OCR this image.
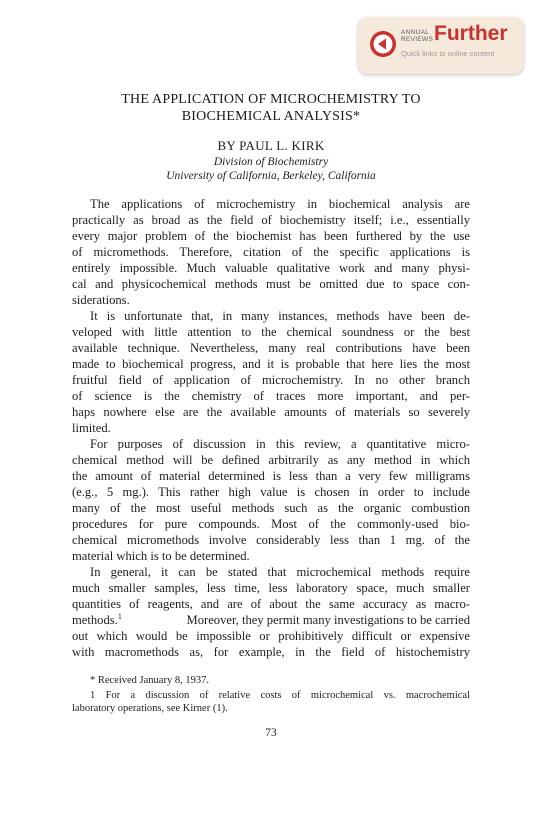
ANNUAL
REVIEWS Further
Quick links to online content
THE APPLICATION OF MICROCHEMISTRY TO
BIOCHEMICAL ANALYSIS*
BY PAUL L. KIRK
Division of Biochemistry
University of California, Berkeley, California
The applications of microchemistry in biochemical analysis are
practically as broad as the field of biochemistry itself; i.e., essentially
every major problem of the biochemist has been furthered by the use
of micromethods. Therefore, citation of the specific applications is
entirely impossible. Much valuable qualitative work and many physi-
cal and physicochemical methods must be omitted due to space con-
siderations.
It is unfortunate that, in many instances, methods have been de-
veloped with little attention to the chemical soundness or the best
available technique. Nevertheless, many real contributions have been
made to biochemical progress, and it is probable that here lies the most
fruitful field of application of microchemistry. In no other branch
of science is the chemistry of traces more important, and per-
haps nowhere else are the available amounts of materials so severely
limited.
For purposes of discussion in this review, a quantitative micro-
chemical method will be defined arbitrarily as any method in which
the amount of material determined is less than a very few milligrams
(e.g., 5 mg.). This rather high value is chosen in order to include
many of the most useful methods such as the organic combustion
procedures for pure compounds. Most of the commonly-used bio-
chemical micromethods involve considerably less than 1 mg. of the
material which is to be determined.
In general, it can be stated that microchemical methods require
much smaller samples, less time, less laboratory space, much smaller
quantities of reagents, and are of about the same accuracy as macro-
methods.$^1$	Moreover, they permit many investigations to be carried
out which would be impossible or prohibitively difficult or expensive
with macromethods as, for example, in the field of histochemistry
* Received January 8, 1937.
1 For a discussion of relative costs of microchemical vs. macrochemical
laboratory operations, see Kirner (1).
73
